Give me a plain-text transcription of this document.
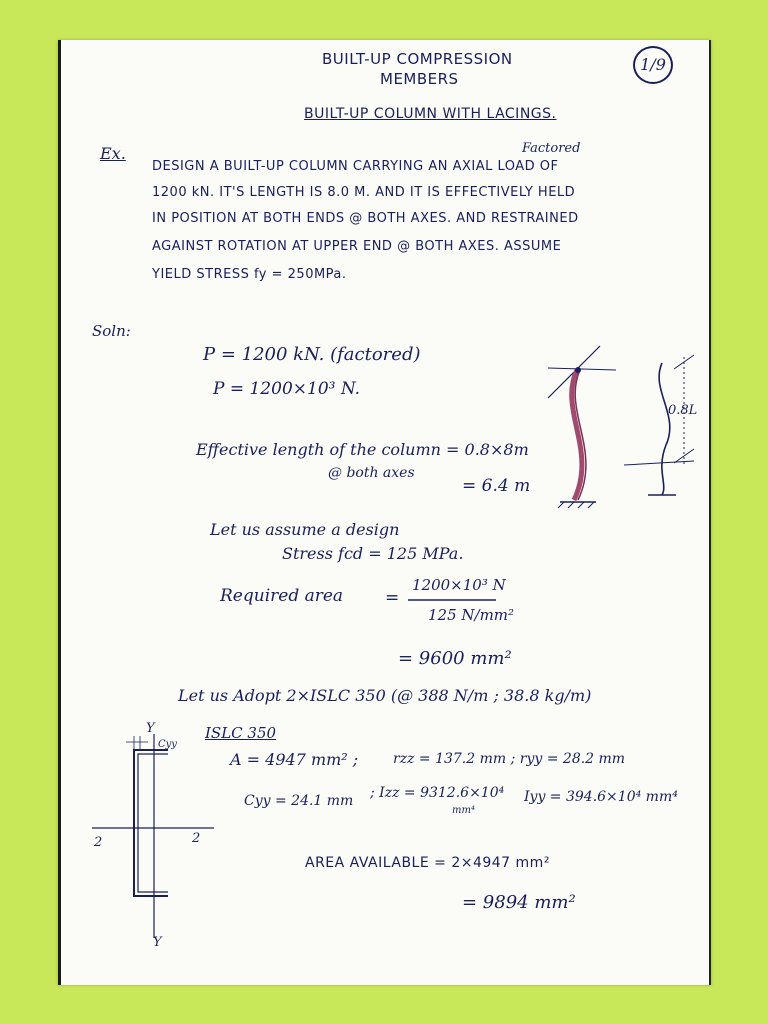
BUILT-UP COMPRESSION
MEMBERS
1/9
BUILT-UP COLUMN WITH LACINGS.
Ex.	Factored
DESIGN A BUILT-UP COLUMN CARRYING AN AXIAL LOAD OF
1200 kN. IT'S LENGTH IS 8.0 M. AND IT IS EFFECTIVELY HELD
IN POSITION AT BOTH ENDS @ BOTH AXES. AND RESTRAINED
AGAINST ROTATION AT UPPER END @ BOTH AXES. ASSUME
YIELD STRESS fy = 250MPa.
Soln:
P = 1200 kN. (factored)
P = 1200×10³ N.
Effective length of the column = 0.8×8m
@ both axes
= 6.4 m
Let us assume a design
Stress fcd = 125 MPa.
Required area =
1200×10³ N
125 N/mm²
= 9600 mm²
Let us Adopt 2×ISLC 350 (@ 388 N/m ; 38.8 kg/m)
ISLC 350
A = 4947 mm² ; rzz = 137.2 mm ; ryy = 28.2 mm
Cyy = 24.1 mm ; Izz = 9312.6×10⁴
mm⁴
Iyy = 394.6×10⁴ mm⁴
AREA AVAILABLE = 2×4947 mm²
= 9894 mm²
0.8L
Y
Cyy
2	2
Y
